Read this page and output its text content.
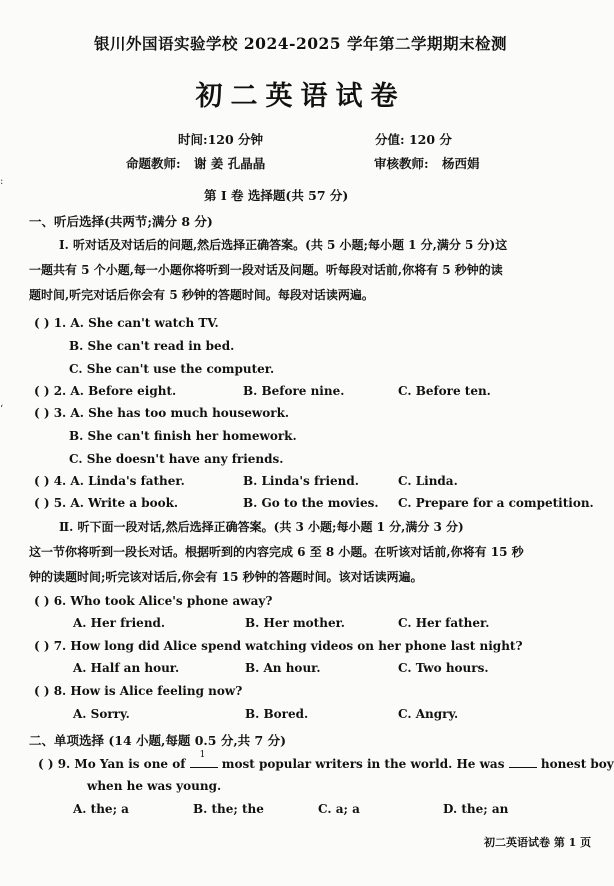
:
‘
银川外国语实验学校 2024-2025 学年第二学期期末检测
初二英语试卷
时间:120 分钟	分值: 120 分
命题教师: 谢 姜 孔晶晶	审核教师: 杨西娟
第 I 卷 选择题(共 57 分)
一、听后选择(共两节;满分 8 分)
Ⅰ. 听对话及对话后的问题,然后选择正确答案。(共 5 小题;每小题 1 分,满分 5 分)这
一题共有 5 个小题,每一小题你将听到一段对话及问题。听每段对话前,你将有 5 秒钟的读
题时间,听完对话后你会有 5 秒钟的答题时间。每段对话读两遍。
( ) 1. A. She can't watch TV.
B. She can't read in bed.
C. She can't use the computer.
( ) 2. A. Before eight.	B. Before nine.	C. Before ten.
( ) 3. A. She has too much housework.
B. She can't finish her homework.
C. She doesn't have any friends.
( ) 4. A. Linda's father.	B. Linda's friend.	C. Linda.
( ) 5. A. Write a book.	B. Go to the movies. C. Prepare for a competition.
Ⅱ. 听下面一段对话,然后选择正确答案。(共 3 小题;每小题 1 分,满分 3 分)
这一节你将听到一段长对话。根据听到的内容完成 6 至 8 小题。在听该对话前,你将有 15 秒
钟的读题时间;听完该对话后,你会有 15 秒钟的答题时间。该对话读两遍。
( ) 6. Who took Alice's phone away?
A. Her friend.	B. Her mother.	C. Her father.
( ) 7. How long did Alice spend watching videos on her phone last night?
A. Half an hour.	B. An hour.	C. Two hours.
( ) 8. How is Alice feeling now?
A. Sorry.	B. Bored.	C. Angry.
二、单项选择 (14 小题,每题 0.5 分,共 7 分)
( ) 9. Mo Yan is one of
1
most popular writers in the world. He was	honest boy
when he was young.
A. the; a	B. the; the	C. a; a	D. the; an
初二英语试卷 第 1 页
